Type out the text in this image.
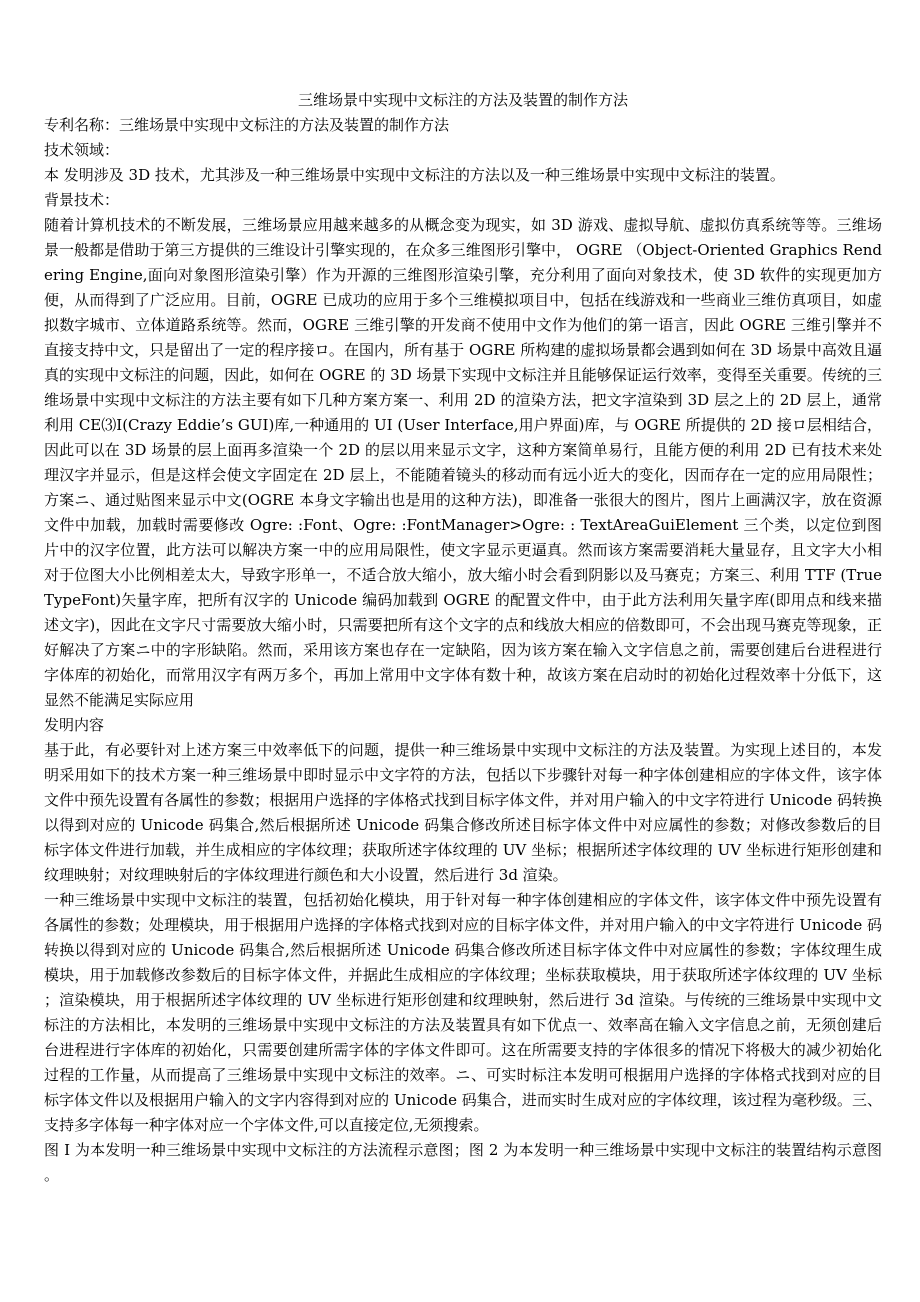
三维场景中实现中文标注的方法及装置的制作方法

专利名称：三维场景中实现中文标注的方法及装置的制作方法

技术领域：

本 发明涉及 3D 技术，尤其涉及一种三维场景中实现中文标注的方法以及一种三维场景中实现中文标注的装置。

背景技术：

随着计算机技术的不断发展，三维场景应用越来越多的从概念变为现实，如 3D 游戏、虚拟导航、虚拟仿真系统等等。三维场景一般都是借助于第三方提供的三维设计引擎实现的，在众多三维图形引擎中， OGRE （Object-Oriented Graphics Rendering Engine,面向对象图形渲染引擎）作为开源的三维图形渲染引擎，充分利用了面向对象技术，使 3D 软件的实现更加方便，从而得到了广泛应用。目前，OGRE 已成功的应用于多个三维模拟项目中，包括在线游戏和一些商业三维仿真项目，如虚拟数字城市、立体道路系统等。然而，OGRE 三维引擎的开发商不使用中文作为他们的第一语言，因此 OGRE 三维引擎并不直接支持中文，只是留出了一定的程序接ロ。在国内，所有基于 OGRE 所构建的虚拟场景都会遇到如何在 3D 场景中高效且逼真的实现中文标注的问题，因此，如何在 OGRE 的 3D 场景下实现中文标注并且能够保证运行效率，变得至关重要。传统的三维场景中实现中文标注的方法主要有如下几种方案方案一、利用 2D 的渲染方法，把文字渲染到 3D 层之上的 2D 层上，通常利用 CE⑶I(Crazy Eddie’s GUI)库,一种通用的 UI (User Interface,用户界面)库，与 OGRE 所提供的 2D 接ロ层相结合，因此可以在 3D 场景的层上面再多渲染一个 2D 的层以用来显示文字，这种方案简单易行，且能方便的利用 2D 已有技术来处理汉字并显示，但是这样会使文字固定在 2D 层上，不能随着镜头的移动而有远小近大的变化，因而存在一定的应用局限性；方案ニ、通过贴图来显示中文(OGRE 本身文字输出也是用的这种方法)，即准备一张很大的图片，图片上画满汉字，放在资源文件中加载，加载时需要修改 Ogre: :Font、Ogre: :FontManager>Ogre: : TextAreaGuiElement 三个类，以定位到图片中的汉字位置，此方法可以解决方案一中的应用局限性，使文字显示更逼真。然而该方案需要消耗大量显存，且文字大小相对于位图大小比例相差太大，导致字形单一，不适合放大缩小，放大缩小时会看到阴影以及马赛克；方案三、利用 TTF (TrueTypeFont)矢量字库，把所有汉字的 Unicode 编码加载到 OGRE 的配置文件中，由于此方法利用矢量字库(即用点和线来描述文字)，因此在文字尺寸需要放大缩小时，只需要把所有这个文字的点和线放大相应的倍数即可，不会出现马赛克等现象，正好解决了方案ニ中的字形缺陷。然而，采用该方案也存在一定缺陷，因为该方案在输入文字信息之前，需要创建后台进程进行字体库的初始化，而常用汉字有两万多个，再加上常用中文字体有数十种，故该方案在启动时的初始化过程效率十分低下，这显然不能满足实际应用

发明内容

基于此，有必要针对上述方案三中效率低下的问题，提供一种三维场景中实现中文标注的方法及装置。为实现上述目的，本发明采用如下的技术方案一种三维场景中即时显示中文字符的方法，包括以下步骤针对每一种字体创建相应的字体文件，该字体文件中预先设置有各属性的参数；根据用户选择的字体格式找到目标字体文件，并对用户输入的中文字符进行 Unicode 码转换以得到对应的 Unicode 码集合,然后根据所述 Unicode 码集合修改所述目标字体文件中对应属性的参数；对修改参数后的目标字体文件进行加载，并生成相应的字体纹理；获取所述字体纹理的 UV 坐标；根据所述字体纹理的 UV 坐标进行矩形创建和纹理映射；对纹理映射后的字体纹理进行颜色和大小设置，然后进行 3d 渲染。

一种三维场景中实现中文标注的装置，包括初始化模块，用于针对每一种字体创建相应的字体文件，该字体文件中预先设置有各属性的参数；处理模块，用于根据用户选择的字体格式找到对应的目标字体文件，并对用户输入的中文字符进行 Unicode 码转换以得到对应的 Unicode 码集合,然后根据所述 Unicode 码集合修改所述目标字体文件中对应属性的参数；字体纹理生成模块，用于加载修改参数后的目标字体文件，并据此生成相应的字体纹理；坐标获取模块，用于获取所述字体纹理的 UV 坐标；渲染模块，用于根据所述字体纹理的 UV 坐标进行矩形创建和纹理映射，然后进行 3d 渲染。与传统的三维场景中实现中文标注的方法相比，本发明的三维场景中实现中文标注的方法及装置具有如下优点一、效率高在输入文字信息之前，无须创建后台进程进行字体库的初始化，只需要创建所需字体的字体文件即可。这在所需要支持的字体很多的情况下将极大的减少初始化过程的工作量，从而提高了三维场景中实现中文标注的效率。ニ、可实时标注本发明可根据用户选择的字体格式找到对应的目标字体文件以及根据用户输入的文字内容得到对应的 Unicode 码集合，进而实时生成对应的字体纹理，该过程为毫秒级。三、支持多字体每一种字体对应一个字体文件,可以直接定位,无须搜索。

图 I 为本发明一种三维场景中实现中文标注的方法流程示意图；图 2 为本发明一种三维场景中实现中文标注的装置结构示意图。
